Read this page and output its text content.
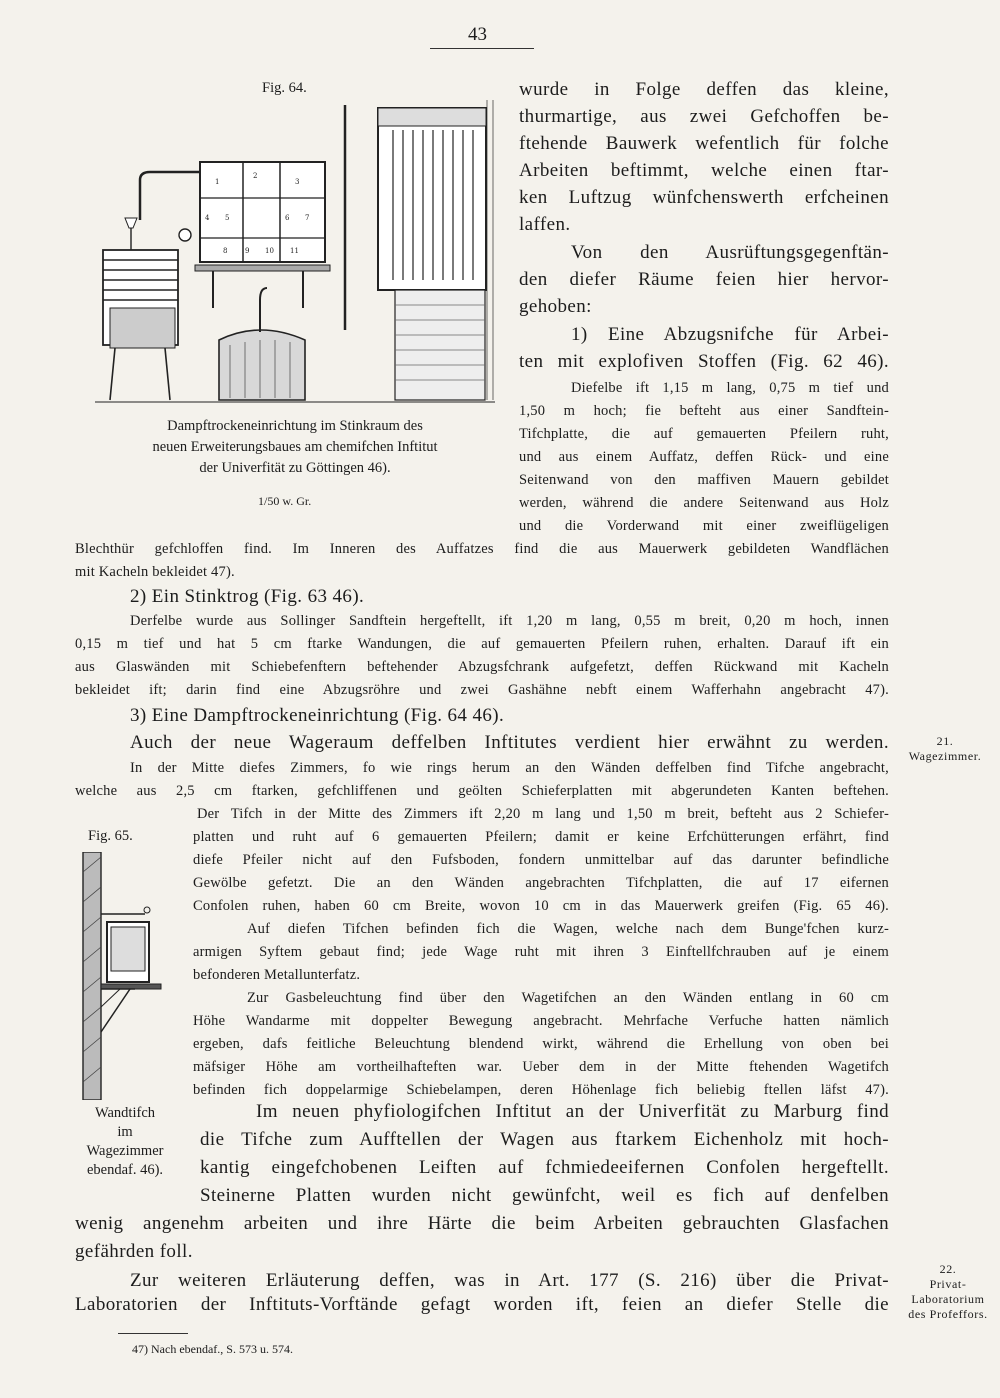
43
Fig. 64.
1
2
3
4 5	6 7
8	9 10 11
Dampftrockeneinrichtung im Stinkraum des
neuen Erweiterungsbaues am chemifchen Inftitut
der Univerfität zu Göttingen 46).
1/50 w. Gr.
wurde in Folge deffen das kleine,
thurmartige, aus zwei Gefchoffen be-
ftehende Bauwerk wefentlich für folche
Arbeiten beftimmt, welche einen ftar-
ken Luftzug wünfchenswerth erfcheinen
laffen.
Von den Ausrüftungsgegenftän-
den diefer Räume feien hier hervor-
gehoben:
1) Eine Abzugsnifche für Arbei-
ten mit explofiven Stoffen (Fig. 62 46).
Diefelbe ift 1,15 m lang, 0,75 m tief und
1,50 m hoch; fie befteht aus einer Sandftein-
Tifchplatte, die auf gemauerten Pfeilern ruht,
und aus einem Auffatz, deffen Rück- und eine
Seitenwand von den maffiven Mauern gebildet
werden, während die andere Seitenwand aus Holz
und die Vorderwand mit einer zweiflügeligen
Blechthür gefchloffen find. Im Inneren des Auffatzes find die aus Mauerwerk gebildeten Wandflächen
mit Kacheln bekleidet 47).
2) Ein Stinktrog (Fig. 63 46).
Derfelbe wurde aus Sollinger Sandftein hergeftellt, ift 1,20 m lang, 0,55 m breit, 0,20 m hoch, innen
0,15 m tief und hat 5 cm ftarke Wandungen, die auf gemauerten Pfeilern ruhen, erhalten. Darauf ift ein
aus Glaswänden mit Schiebefenftern beftehender Abzugsfchrank aufgefetzt, deffen Rückwand mit Kacheln
bekleidet ift; darin find eine Abzugsröhre und zwei Gashähne nebft einem Wafferhahn angebracht 47).
3) Eine Dampftrockeneinrichtung (Fig. 64 46).
Auch der neue Wageraum deffelben Inftitutes verdient hier erwähnt zu werden.	21.
Wagezimmer.
In der Mitte diefes Zimmers, fo wie rings herum an den Wänden deffelben find Tifche angebracht,
welche aus 2,5 cm ftarken, gefchliffenen und geölten Schieferplatten mit abgerundeten Kanten beftehen.
Fig. 65.
Wandtifch
im
Wagezimmer
ebendaf. 46).
Der Tifch in der Mitte des Zimmers ift 2,20 m lang und 1,50 m breit, befteht aus 2 Schiefer-
platten und ruht auf 6 gemauerten Pfeilern; damit er keine Erfchütterungen erfährt, find
diefe Pfeiler nicht auf den Fufsboden, fondern unmittelbar auf das darunter befindliche
Gewölbe gefetzt. Die an den Wänden angebrachten Tifchplatten, die auf 17 eifernen
Confolen ruhen, haben 60 cm Breite, wovon 10 cm in das Mauerwerk greifen (Fig. 65 46).
Auf diefen Tifchen befinden fich die Wagen, welche nach dem Bunge'fchen kurz-
armigen Syftem gebaut find; jede Wage ruht mit ihren 3 Einftellfchrauben auf je einem
befonderen Metallunterfatz.
Zur Gasbeleuchtung find über den Wagetifchen an den Wänden entlang in 60 cm
Höhe Wandarme mit doppelter Bewegung angebracht. Mehrfache Verfuche hatten nämlich
ergeben, dafs feitliche Beleuchtung blendend wirkt, während die Erhellung von oben bei
mäfsiger Höhe am vortheilhafteften war. Ueber dem in der Mitte ftehenden Wagetifch
befinden fich doppelarmige Schiebelampen, deren Höhenlage fich beliebig ftellen läfst 47).
Im neuen phyfiologifchen Inftitut an der Univerfität zu Marburg find
die Tifche zum Aufftellen der Wagen aus ftarkem Eichenholz mit hoch-
kantig eingefchobenen Leiften auf fchmiedeeifernen Confolen hergeftellt.
Steinerne Platten wurden nicht gewünfcht, weil es fich auf denfelben
wenig angenehm arbeiten und ihre Härte die beim Arbeiten gebrauchten Glasfachen
gefährden foll.
Zur weiteren Erläuterung deffen, was in Art. 177 (S. 216) über die Privat-
Laboratorien der Inftituts-Vorftände gefagt worden ift, feien an diefer Stelle die
22.
Privat-
Laboratorium
des Profeffors.
47) Nach ebendaf., S. 573 u. 574.
